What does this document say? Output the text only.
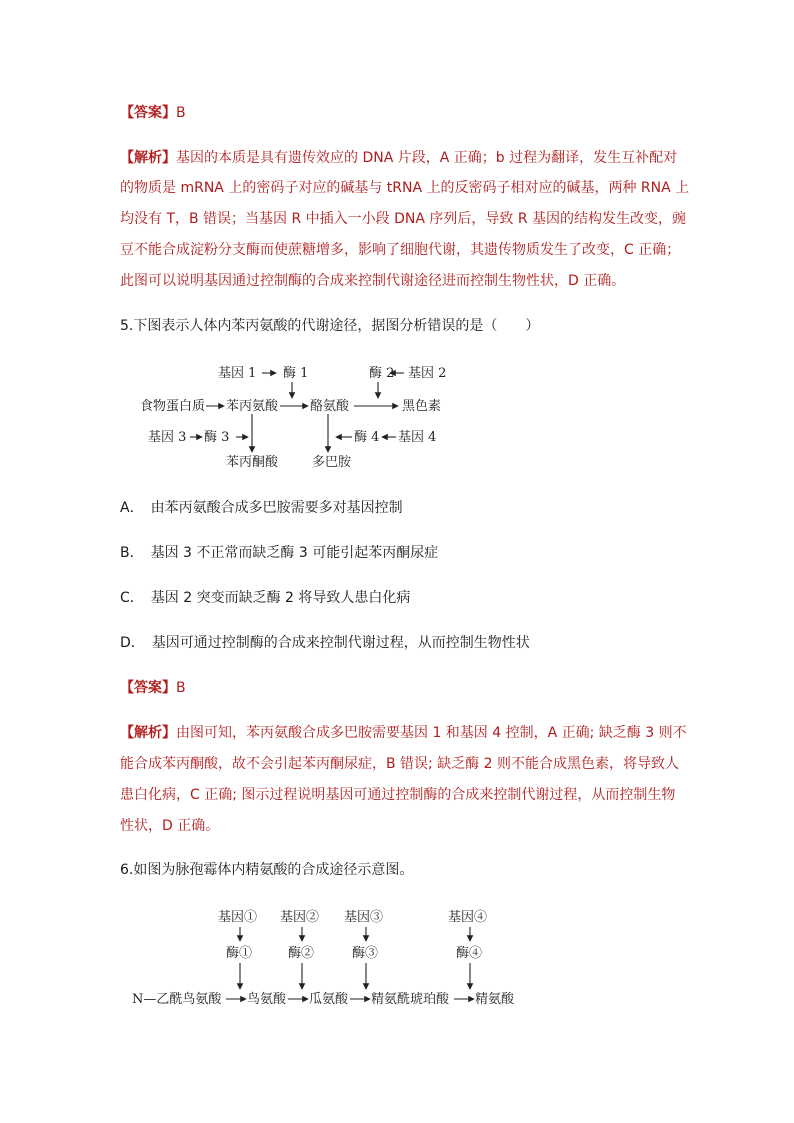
【答案】B
【解析】基因的本质是具有遗传效应的 DNA 片段，A 正确；b 过程为翻译，发生互补配对
的物质是 mRNA 上的密码子对应的碱基与 tRNA 上的反密码子相对应的碱基，两种 RNA 上
均没有 T，B 错误；当基因 R 中插入一小段 DNA 序列后，导致 R 基因的结构发生改变，豌
豆不能合成淀粉分支酶而使蔗糖增多，影响了细胞代谢，其遗传物质发生了改变，C 正确；
此图可以说明基因通过控制酶的合成来控制代谢途径进而控制生物性状，D 正确。
5.下图表示人体内苯丙氨酸的代谢途径，据图分析错误的是（　　）
基因 1 酶 1	酶 2 基因 2
食物蛋白质 苯丙氨酸 酪氨酸	黑色素
基因 3 酶 3	酶 4 基因 4
苯丙酮酸	多巴胺
A．　由苯丙氨酸合成多巴胺需要多对基因控制
B．　基因 3 不正常而缺乏酶 3 可能引起苯丙酮尿症
C．　基因 2 突变而缺乏酶 2 将导致人患白化病
D．　基因可通过控制酶的合成来控制代谢过程，从而控制生物性状
【答案】B
【解析】由图可知，苯丙氨酸合成多巴胺需要基因 1 和基因 4 控制，A 正确; 缺乏酶 3 则不
能合成苯丙酮酸，故不会引起苯丙酮尿症，B 错误; 缺乏酶 2 则不能合成黑色素，将导致人
患白化病，C 正确; 图示过程说明基因可通过控制酶的合成来控制代谢过程，从而控制生物
性状，D 正确。
6.如图为脉孢霉体内精氨酸的合成途径示意图。
基因① 基因② 基因③	基因④
酶①	酶②	酶③	酶④
N—乙酰鸟氨酸 鸟氨酸 瓜氨酸 精氨酰琥珀酸 精氨酸
